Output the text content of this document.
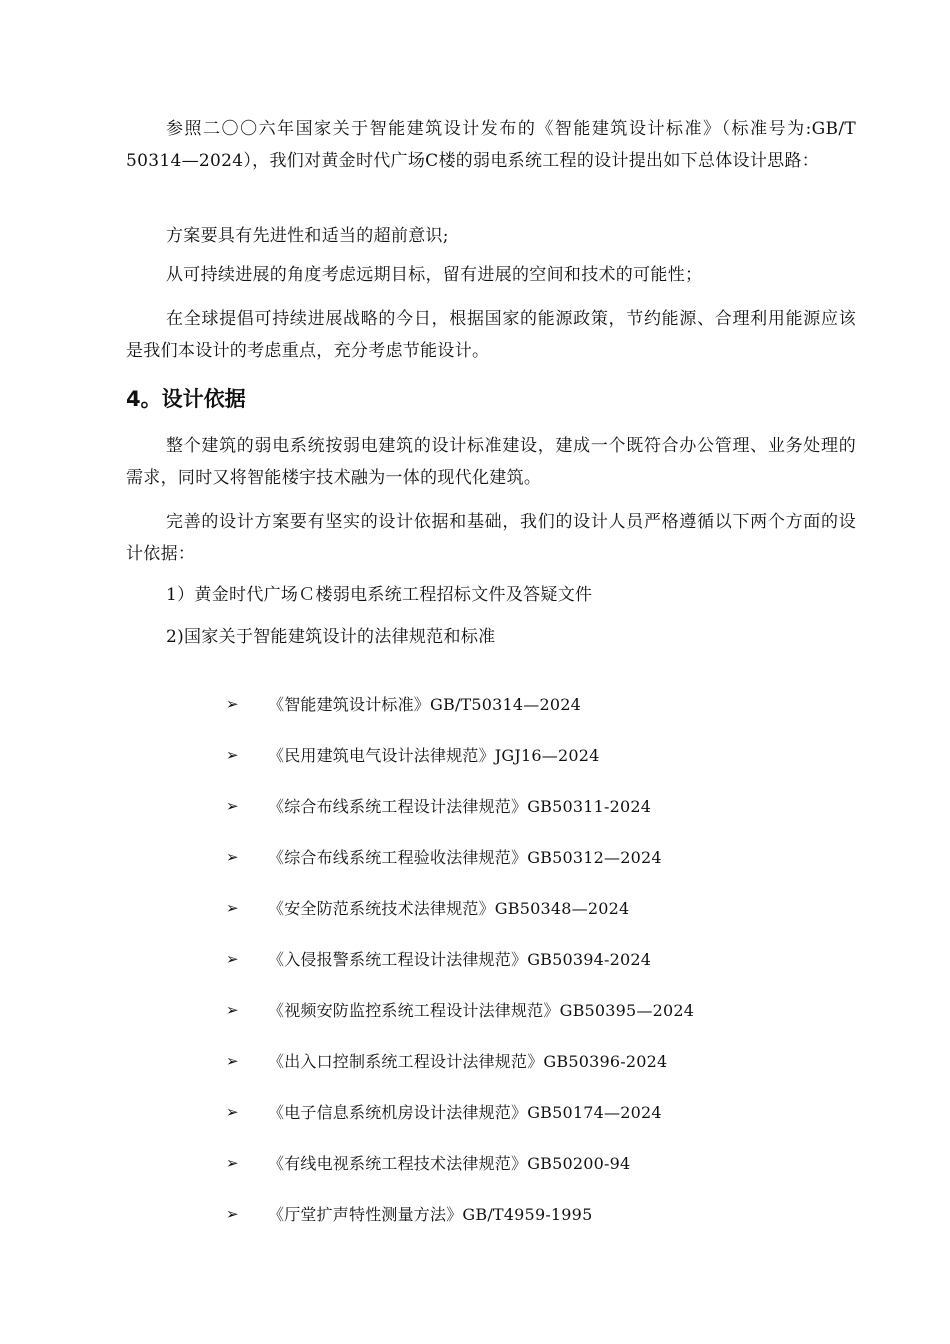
参照二〇〇六年国家关于智能建筑设计发布的《智能建筑设计标准》（标准号为:GB/T 50314—2024），我们对黄金时代广场C楼的弱电系统工程的设计提出如下总体设计思路：

方案要具有先进性和适当的超前意识;

从可持续进展的角度考虑远期目标，留有进展的空间和技术的可能性；

在全球提倡可持续进展战略的今日，根据国家的能源政策，节约能源、合理利用能源应该是我们本设计的考虑重点，充分考虑节能设计。

4。设计依据

整个建筑的弱电系统按弱电建筑的设计标准建设，建成一个既符合办公管理、业务处理的需求，同时又将智能楼宇技术融为一体的现代化建筑。

完善的设计方案要有坚实的设计依据和基础，我们的设计人员严格遵循以下两个方面的设计依据：

1）黄金时代广场Ｃ楼弱电系统工程招标文件及答疑文件

2)国家关于智能建筑设计的法律规范和标准

➢	《智能建筑设计标准》GB/T50314—2024
➢	《民用建筑电气设计法律规范》JGJ16—2024
➢	《综合布线系统工程设计法律规范》GB50311-2024
➢	《综合布线系统工程验收法律规范》GB50312—2024
➢	《安全防范系统技术法律规范》GB50348—2024
➢	《入侵报警系统工程设计法律规范》GB50394-2024
➢	《视频安防监控系统工程设计法律规范》GB50395—2024
➢	《出入口控制系统工程设计法律规范》GB50396-2024
➢	《电子信息系统机房设计法律规范》GB50174—2024
➢	《有线电视系统工程技术法律规范》GB50200-94
➢	《厅堂扩声特性测量方法》GB/T4959-1995
